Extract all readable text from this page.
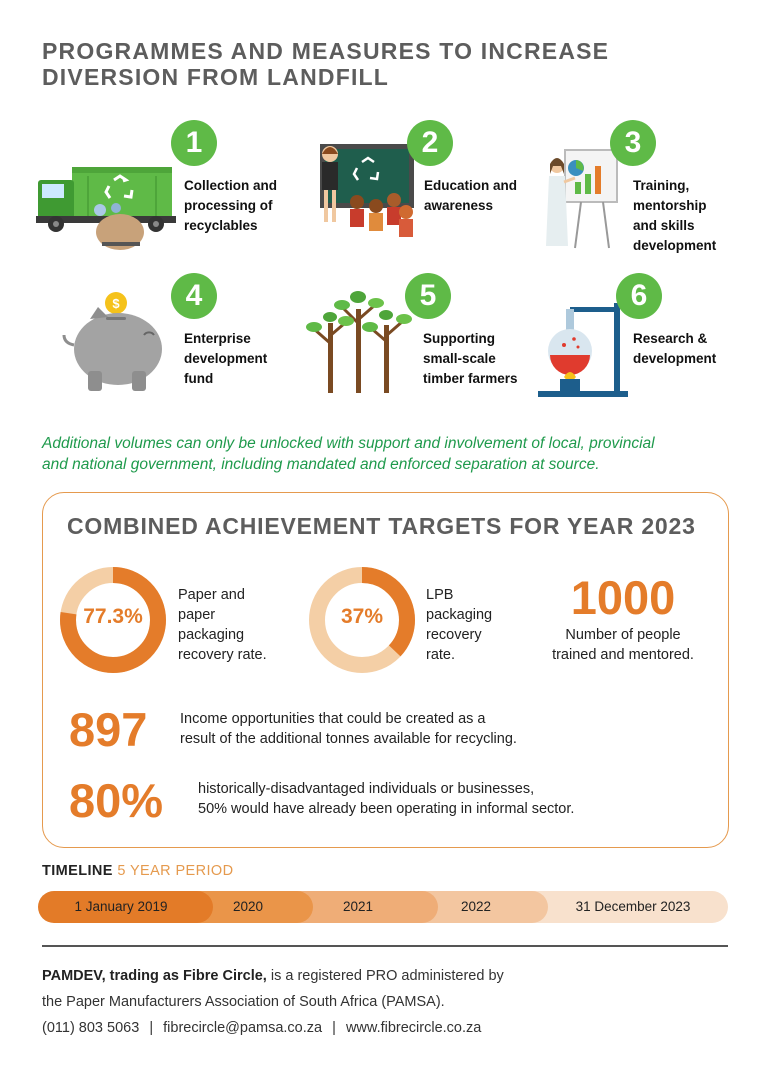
PROGRAMMES AND MEASURES TO INCREASE
DIVERSION FROM LANDFILL
1
Collection and
processing of
recyclables
2
Education and
awareness
3
Training,
mentorship
and skills
development
$	4
Enterprise
development
fund
5
Supporting
small-scale
timber farmers
6
Research &
development
Additional volumes can only be unlocked with support and involvement of local, provincial
and national government, including mandated and enforced separation at source.
COMBINED ACHIEVEMENT TARGETS FOR YEAR 2023
77.3%
Paper and
paper
packaging
recovery rate.
37%
LPB
packaging
recovery
rate.
1000
Number of people
trained and mentored.
897 Income opportunities that could be created as a
result of the additional tonnes available for recycling.
80% historically-disadvantaged individuals or businesses,
50% would have already been operating in informal sector.
TIMELINE 5 YEAR PERIOD
1 January 2019	2020	2021	2022	31 December 2023
PAMDEV, trading as Fibre Circle, is a registered PRO administered by
the Paper Manufacturers Association of South Africa (PAMSA).
(011) 803 5063 | fibrecircle@pamsa.co.za | www.fibrecircle.co.za
